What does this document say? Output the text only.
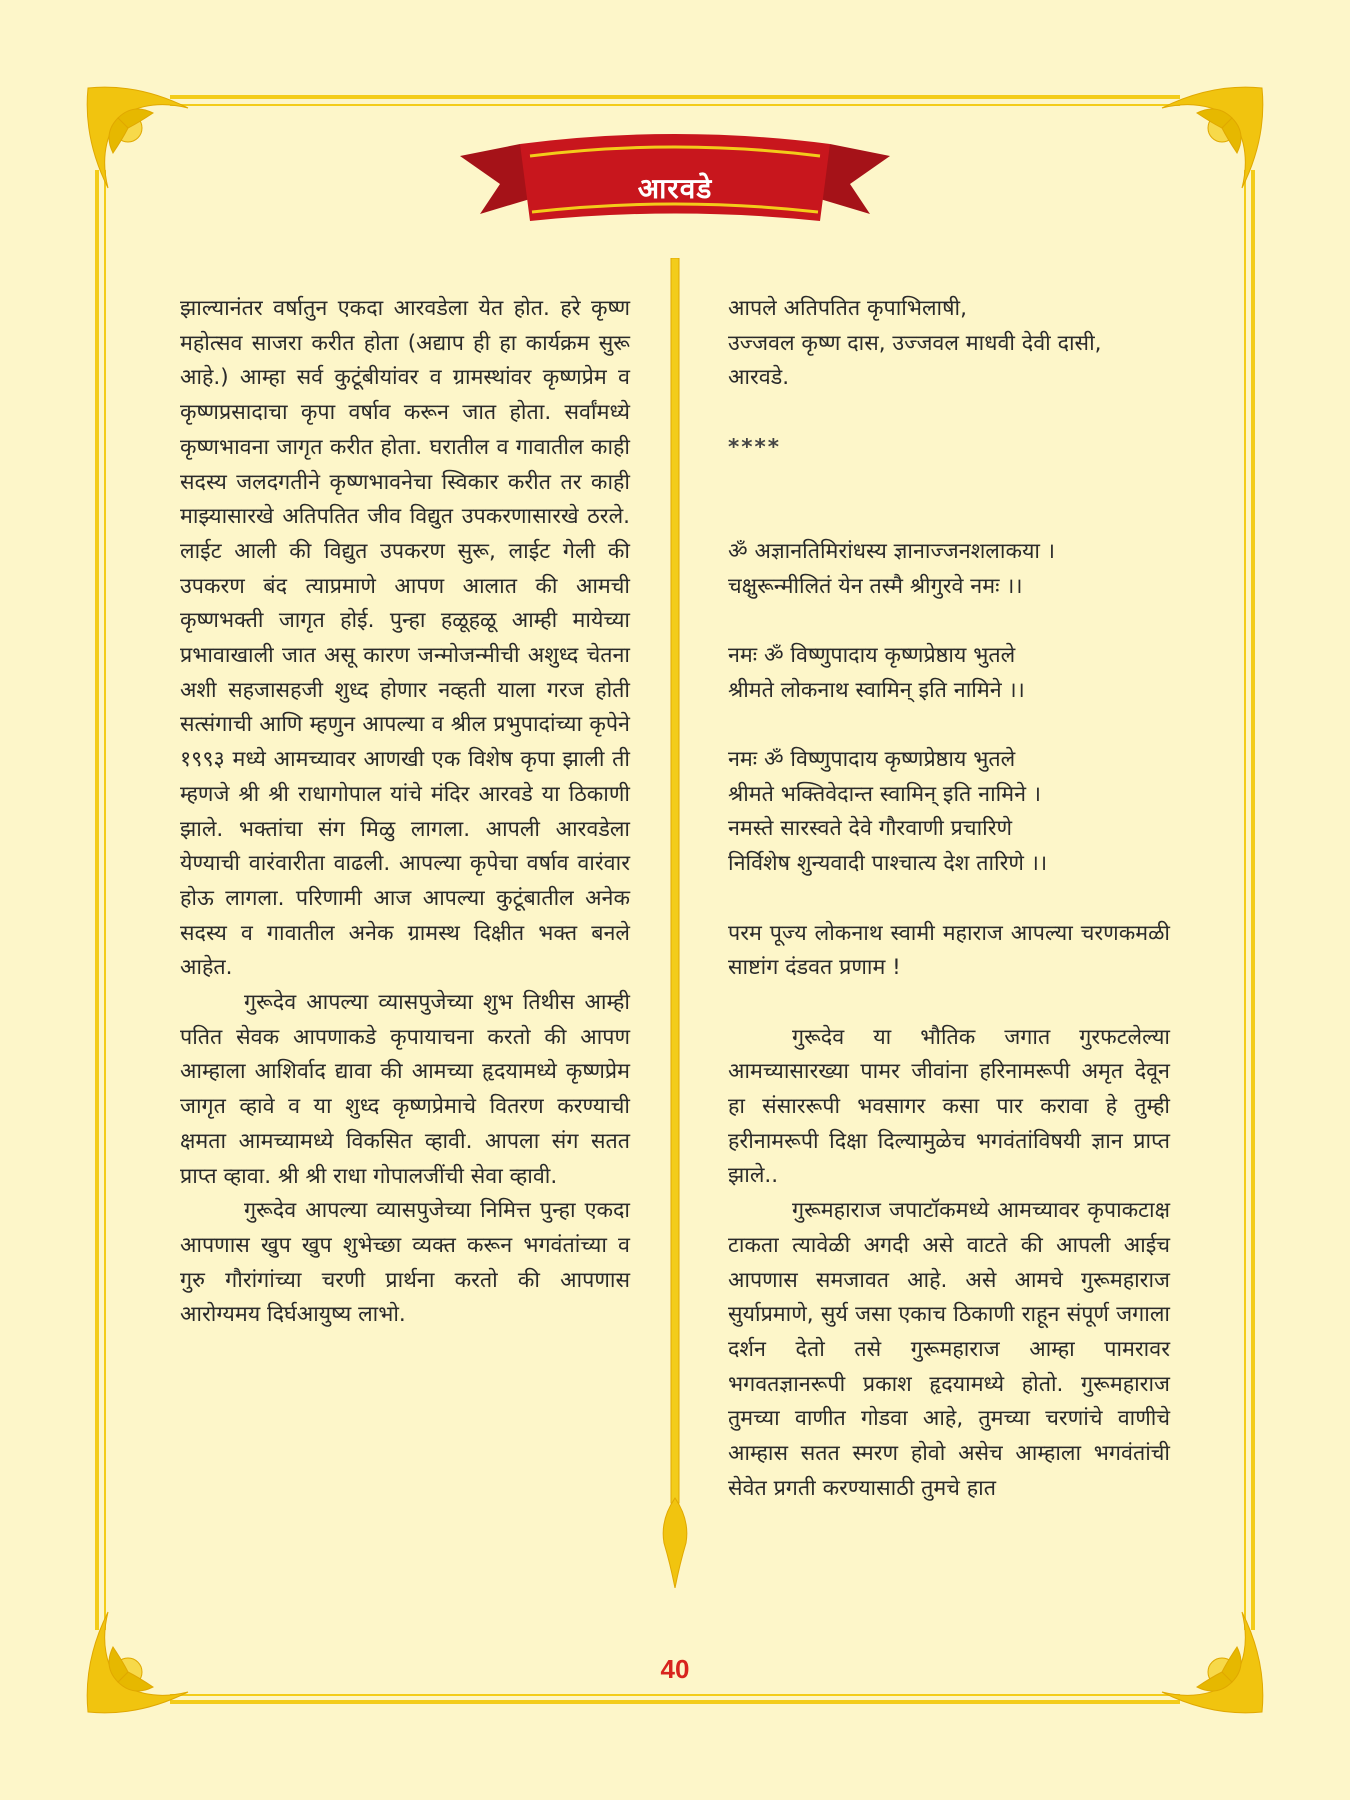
आरवडे

झाल्यानंतर वर्षातुन एकदा आरवडेला येत होत. हरे कृष्ण महोत्सव साजरा करीत होता (अद्याप ही हा कार्यक्रम सुरू आहे.) आम्हा सर्व कुटूंबीयांवर व ग्रामस्थांवर कृष्णप्रेम व कृष्णप्रसादाचा कृपा वर्षाव करून जात होता. सर्वांमध्ये कृष्णभावना जागृत करीत होता. घरातील व गावातील काही सदस्य जलदगतीने कृष्णभावनेचा स्विकार करीत तर काही माझ्यासारखे अतिपतित जीव विद्युत उपकरणासारखे ठरले. लाईट आली की विद्युत उपकरण सुरू, लाईट गेली की उपकरण बंद त्याप्रमाणे आपण आलात की आमची कृष्णभक्ती जागृत होई. पुन्हा हळूहळू आम्ही मायेच्या प्रभावाखाली जात असू कारण जन्मोजन्मीची अशुध्द चेतना अशी सहजासहजी शुध्द होणार नव्हती याला गरज होती सत्संगाची आणि म्हणुन आपल्या व श्रील प्रभुपादांच्या कृपेने १९९३ मध्ये आमच्यावर आणखी एक विशेष कृपा झाली ती म्हणजे श्री श्री राधागोपाल यांचे मंदिर आरवडे या ठिकाणी झाले. भक्तांचा संग मिळु लागला. आपली आरवडेला येण्याची वारंवारीता वाढली. आपल्या कृपेचा वर्षाव वारंवार होऊ लागला. परिणामी आज आपल्या कुटूंबातील अनेक सदस्य व गावातील अनेक ग्रामस्थ दिक्षीत भक्त बनले आहेत.

गुरूदेव आपल्या व्यासपुजेच्या शुभ तिथीस आम्ही पतित सेवक आपणाकडे कृपायाचना करतो की आपण आम्हाला आशिर्वाद द्यावा की आमच्या हृदयामध्ये कृष्णप्रेम जागृत व्हावे व या शुध्द कृष्णप्रेमाचे वितरण करण्याची क्षमता आमच्यामध्ये विकसित व्हावी. आपला संग सतत प्राप्त व्हावा. श्री श्री राधा गोपालजींची सेवा व्हावी.

गुरूदेव आपल्या व्यासपुजेच्या निमित्त पुन्हा एकदा आपणास खुप खुप शुभेच्छा व्यक्त करून भगवंतांच्या व गुरु गौरांगांच्या चरणी प्रार्थना करतो की आपणास आरोग्यमय दिर्घआयुष्य लाभो.

आपले अतिपतित कृपाभिलाषी,

उज्जवल कृष्ण दास, उज्जवल माधवी देवी दासी,

आरवडे.

****

ॐ अज्ञानतिमिरांधस्य ज्ञानाज्जनशलाकया ।

चक्षुरून्मीलितं येन तस्मै श्रीगुरवे नमः ।।

नमः ॐ विष्णुपादाय कृष्णप्रेष्ठाय भुतले

श्रीमते लोकनाथ स्वामिन् इति नामिने ।।

नमः ॐ विष्णुपादाय कृष्णप्रेष्ठाय भुतले

श्रीमते भक्तिवेदान्त स्वामिन् इति नामिने ।

नमस्ते सारस्वते देवे गौरवाणी प्रचारिणे

निर्विशेष शुन्यवादी पाश्चात्य देश तारिणे ।।

परम पूज्य लोकनाथ स्वामी महाराज आपल्या चरणकमळी साष्टांग दंडवत प्रणाम !

गुरूदेव या भौतिक जगात गुरफटलेल्या आमच्यासारख्या पामर जीवांना हरिनामरूपी अमृत देवून हा संसाररूपी भवसागर कसा पार करावा हे तुम्ही हरीनामरूपी दिक्षा दिल्यामुळेच भगवंतांविषयी ज्ञान प्राप्त झाले..

गुरूमहाराज जपाटॉकमध्ये आमच्यावर कृपाकटाक्ष टाकता त्यावेळी अगदी असे वाटते की आपली आईच आपणास समजावत आहे. असे आमचे गुरूमहाराज सुर्याप्रमाणे, सुर्य जसा एकाच ठिकाणी राहून संपूर्ण जगाला दर्शन देतो तसे गुरूमहाराज आम्हा पामरावर भगवतज्ञानरूपी प्रकाश हृदयामध्ये होतो. गुरूमहाराज तुमच्या वाणीत गोडवा आहे, तुमच्या चरणांचे वाणीचे आम्हास सतत स्मरण होवो असेच आम्हाला भगवंतांची सेवेत प्रगती करण्यासाठी तुमचे हात

40
